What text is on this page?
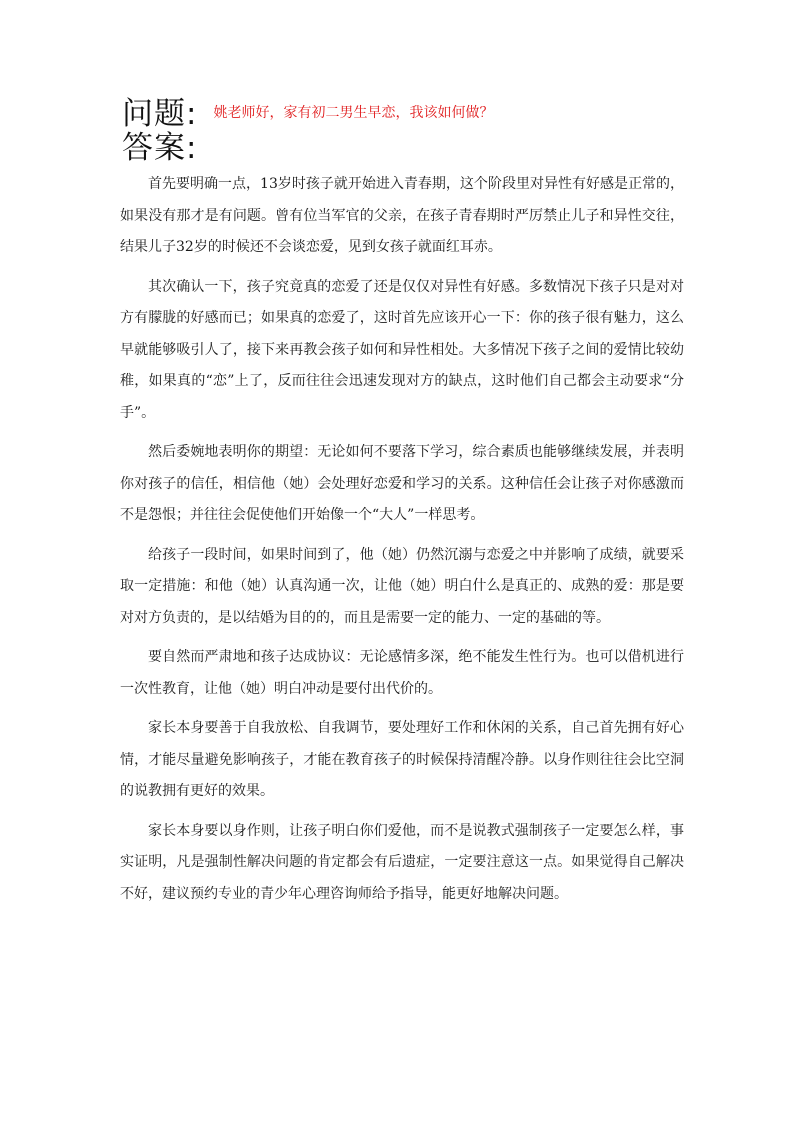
问题: 姚老师好，家有初二男生早恋，我该如何做？
答案:

首先要明确一点，13岁时孩子就开始进入青春期，这个阶段里对异性有好感是正常的，如果没有那才是有问题。曾有位当军官的父亲，在孩子青春期时严厉禁止儿子和异性交往，结果儿子32岁的时候还不会谈恋爱，见到女孩子就面红耳赤。

其次确认一下，孩子究竟真的恋爱了还是仅仅对异性有好感。多数情况下孩子只是对对方有朦胧的好感而已；如果真的恋爱了，这时首先应该开心一下：你的孩子很有魅力，这么早就能够吸引人了，接下来再教会孩子如何和异性相处。大多情况下孩子之间的爱情比较幼稚，如果真的“恋”上了，反而往往会迅速发现对方的缺点，这时他们自己都会主动要求“分手”。

然后委婉地表明你的期望：无论如何不要落下学习，综合素质也能够继续发展，并表明你对孩子的信任，相信他（她）会处理好恋爱和学习的关系。这种信任会让孩子对你感激而不是怨恨；并往往会促使他们开始像一个“大人”一样思考。

给孩子一段时间，如果时间到了，他（她）仍然沉溺与恋爱之中并影响了成绩，就要采取一定措施：和他（她）认真沟通一次，让他（她）明白什么是真正的、成熟的爱：那是要对对方负责的，是以结婚为目的的，而且是需要一定的能力、一定的基础的等。

要自然而严肃地和孩子达成协议：无论感情多深，绝不能发生性行为。也可以借机进行一次性教育，让他（她）明白冲动是要付出代价的。

家长本身要善于自我放松、自我调节，要处理好工作和休闲的关系，自己首先拥有好心情，才能尽量避免影响孩子，才能在教育孩子的时候保持清醒冷静。以身作则往往会比空洞的说教拥有更好的效果。

家长本身要以身作则，让孩子明白你们爱他，而不是说教式强制孩子一定要怎么样，事实证明，凡是强制性解决问题的肯定都会有后遗症，一定要注意这一点。如果觉得自己解决不好，建议预约专业的青少年心理咨询师给予指导，能更好地解决问题。
